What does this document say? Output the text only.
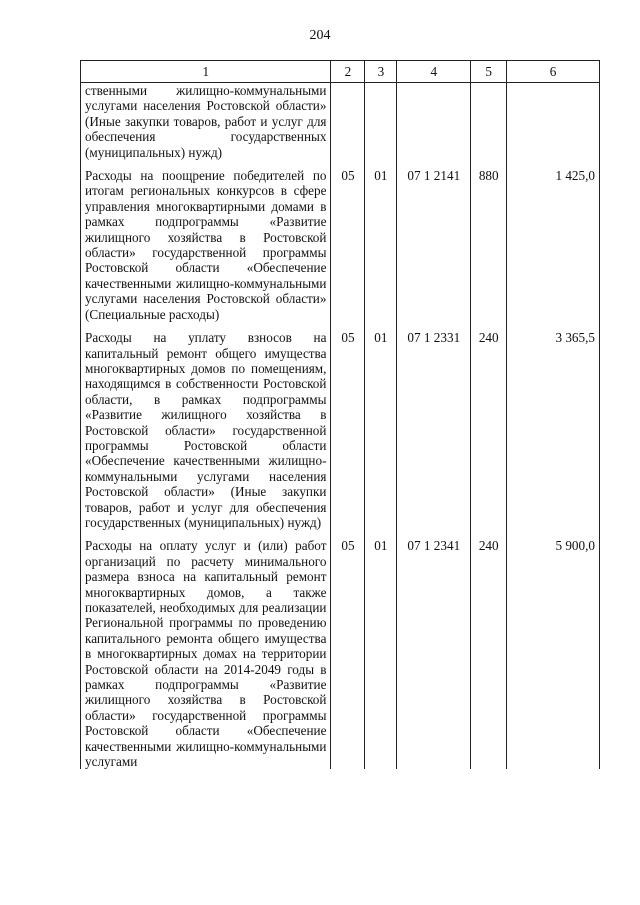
204
1	2	3	4	5	6
ственными жилищно-коммунальными услугами населения Ростовской области» (Иные закупки товаров, работ и услуг для обеспечения государственных (муниципальных) нужд)					
Расходы на поощрение победителей по итогам региональных конкурсов в сфере управления многоквартирными домами в рамках подпрограммы «Развитие жилищного хозяйства в Ростовской области» государственной программы Ростовской области «Обеспечение качественными жилищно-коммунальными услугами населения Ростовской области» (Специальные расходы)	05	01	07 1 2141	880	1 425,0
Расходы на уплату взносов на капитальный ремонт общего имущества многоквартирных домов по помещениям, находящимся в собственности Ростовской области, в рамках подпрограммы «Развитие жилищного хозяйства в Ростовской области» государственной программы Ростовской области «Обеспечение качественными жилищно-коммунальными услугами населения Ростовской области» (Иные закупки товаров, работ и услуг для обеспечения государственных (муниципальных) нужд)	05	01	07 1 2331	240	3 365,5
Расходы на оплату услуг и (или) работ организаций по расчету минимального размера взноса на капитальный ремонт многоквартирных домов, а также показателей, необходимых для реализации Региональной программы по проведению капитального ремонта общего имущества в многоквартирных домах на территории Ростовской области на 2014-2049 годы в рамках подпрограммы «Развитие жилищного хозяйства в Ростовской области» государственной программы Ростовской области «Обеспечение качественными жилищно-коммунальными услугами	05	01	07 1 2341	240	5 900,0
